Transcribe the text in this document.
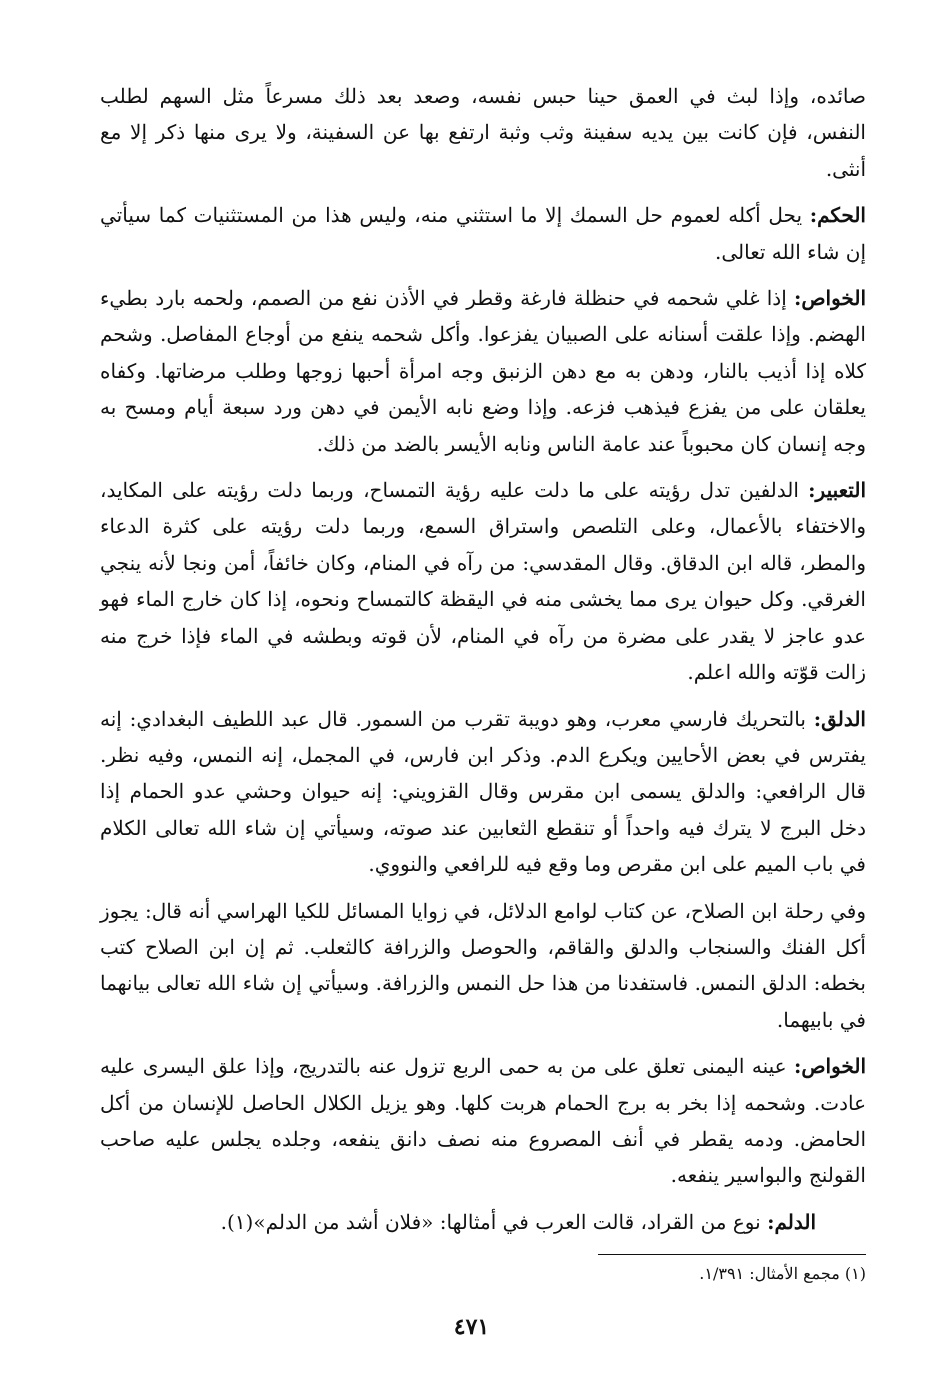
صائده، وإذا لبث في العمق حينا حبس نفسه، وصعد بعد ذلك مسرعاً مثل السهم لطلب النفس، فإن كانت بين يديه سفينة وثب وثبة ارتفع بها عن السفينة، ولا يرى منها ذكر إلا مع أنثى.

الحكم: يحل أكله لعموم حل السمك إلا ما استثني منه، وليس هذا من المستثنيات كما سيأتي إن شاء الله تعالى.

الخواص: إذا غلي شحمه في حنظلة فارغة وقطر في الأذن نفع من الصمم، ولحمه بارد بطيء الهضم. وإذا علقت أسنانه على الصبيان يفزعوا. وأكل شحمه ينفع من أوجاع المفاصل. وشحم كلاه إذا أذيب بالنار، ودهن به مع دهن الزنبق وجه امرأة أحبها زوجها وطلب مرضاتها. وكفاه يعلقان على من يفزع فيذهب فزعه. وإذا وضع نابه الأيمن في دهن ورد سبعة أيام ومسح به وجه إنسان كان محبوباً عند عامة الناس ونابه الأيسر بالضد من ذلك.

التعبير: الدلفين تدل رؤيته على ما دلت عليه رؤية التمساح، وربما دلت رؤيته على المكايد، والاختفاء بالأعمال، وعلى التلصص واستراق السمع، وربما دلت رؤيته على كثرة الدعاء والمطر، قاله ابن الدقاق. وقال المقدسي: من رآه في المنام، وكان خائفاً، أمن ونجا لأنه ينجي الغرقي. وكل حيوان يرى مما يخشى منه في اليقظة كالتمساح ونحوه، إذا كان خارج الماء فهو عدو عاجز لا يقدر على مضرة من رآه في المنام، لأن قوته وبطشه في الماء فإذا خرج منه زالت قوّته والله اعلم.

الدلق: بالتحريك فارسي معرب، وهو دويبة تقرب من السمور. قال عبد اللطيف البغدادي: إنه يفترس في بعض الأحايين ويكرع الدم. وذكر ابن فارس، في المجمل، إنه النمس، وفيه نظر. قال الرافعي: والدلق يسمى ابن مقرس وقال القزويني: إنه حيوان وحشي عدو الحمام إذا دخل البرج لا يترك فيه واحداً أو تنقطع الثعابين عند صوته، وسيأتي إن شاء الله تعالى الكلام في باب الميم على ابن مقرص وما وقع فيه للرافعي والنووي.

وفي رحلة ابن الصلاح، عن كتاب لوامع الدلائل، في زوايا المسائل للكيا الهراسي أنه قال: يجوز أكل الفنك والسنجاب والدلق والقاقم، والحوصل والزرافة كالثعلب. ثم إن ابن الصلاح كتب بخطه: الدلق النمس. فاستفدنا من هذا حل النمس والزرافة. وسيأتي إن شاء الله تعالى بيانهما في بابيهما.

الخواص: عينه اليمنى تعلق على من به حمى الربع تزول عنه بالتدريج، وإذا علق اليسرى عليه عادت. وشحمه إذا بخر به برج الحمام هربت كلها. وهو يزيل الكلال الحاصل للإنسان من أكل الحامض. ودمه يقطر في أنف المصروع منه نصف دانق ينفعه، وجلده يجلس عليه صاحب القولنج والبواسير ينفعه.

الدلم: نوع من القراد، قالت العرب في أمثالها: «فلان أشد من الدلم»(١).

(١) مجمع الأمثال: ١/٣٩١.
٤٧١
